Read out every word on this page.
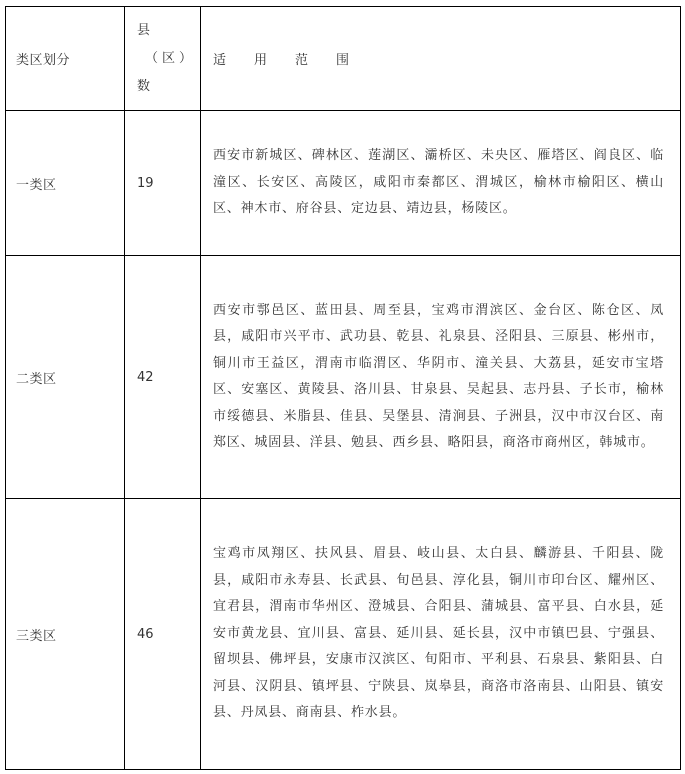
类区划分	县
（区）
数	适 用 范 围

一类区	19	西安市新城区、碑林区、莲湖区、灞桥区、未央区、雁塔区、阎良区、临潼区、长安区、高陵区，咸阳市秦都区、渭城区，榆林市榆阳区、横山区、神木市、府谷县、定边县、靖边县，杨陵区。
二类区	42	西安市鄠邑区、蓝田县、周至县，宝鸡市渭滨区、金台区、陈仓区、凤县，咸阳市兴平市、武功县、乾县、礼泉县、泾阳县、三原县、彬州市，铜川市王益区，渭南市临渭区、华阴市、潼关县、大荔县，延安市宝塔区、安塞区、黄陵县、洛川县、甘泉县、吴起县、志丹县、子长市，榆林市绥德县、米脂县、佳县、吴堡县、清涧县、子洲县，汉中市汉台区、南郑区、城固县、洋县、勉县、西乡县、略阳县，商洛市商州区，韩城市。
三类区	46	宝鸡市凤翔区、扶风县、眉县、岐山县、太白县、麟游县、千阳县、陇县，咸阳市永寿县、长武县、旬邑县、淳化县，铜川市印台区、耀州区、宜君县，渭南市华州区、澄城县、合阳县、蒲城县、富平县、白水县，延安市黄龙县、宜川县、富县、延川县、延长县，汉中市镇巴县、宁强县、留坝县、佛坪县，安康市汉滨区、旬阳市、平利县、石泉县、紫阳县、白河县、汉阴县、镇坪县、宁陕县、岚皋县，商洛市洛南县、山阳县、镇安县、丹凤县、商南县、柞水县。
